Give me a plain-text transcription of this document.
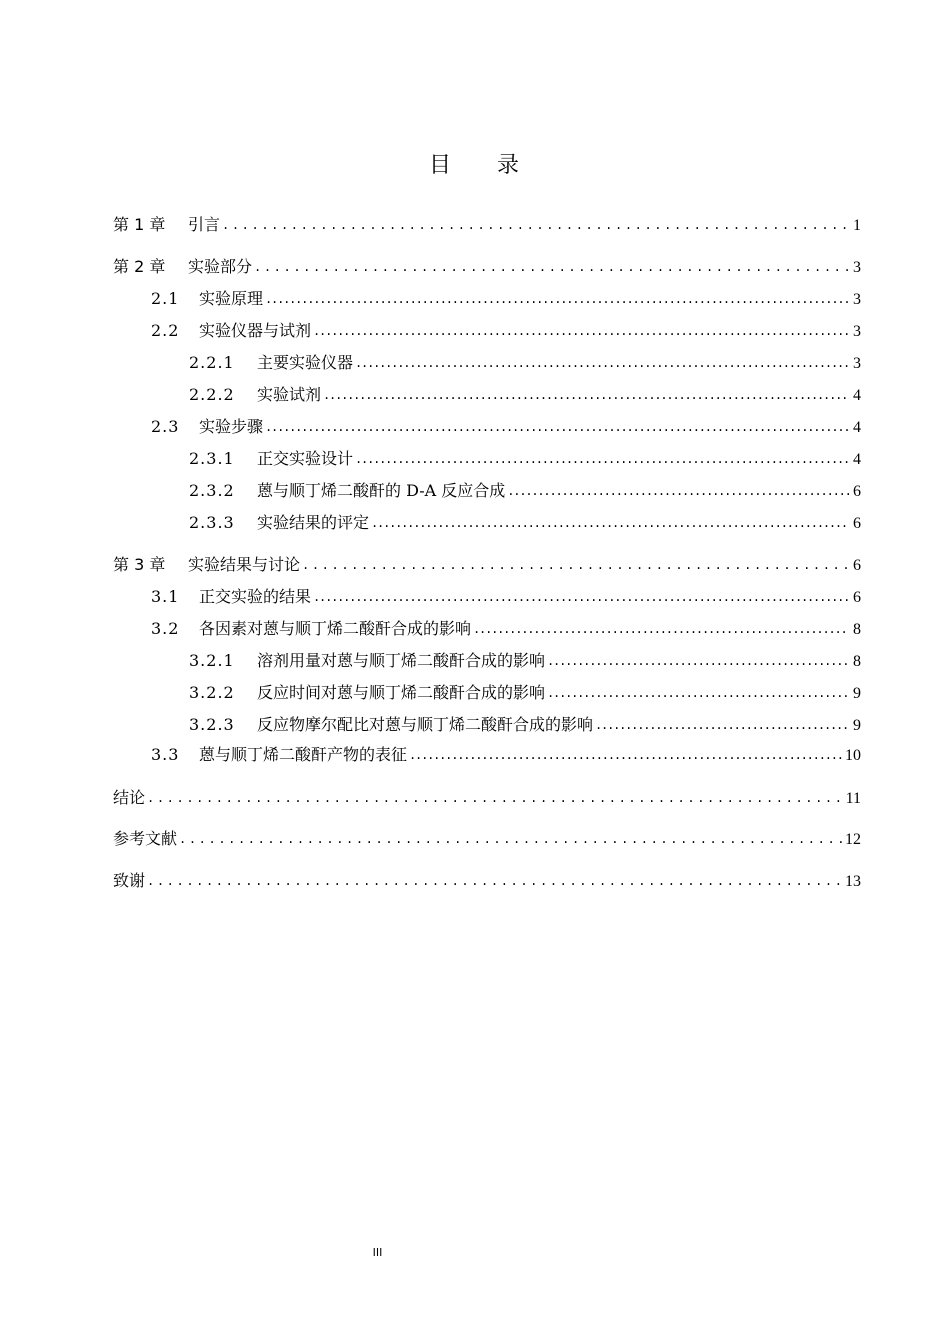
目 录
第 1 章	引言 .....	1
第 2 章	实验部分 .....	3
2.1	实验原理 .....	3
2.2	实验仪器与试剂 .....	3
2.2.1	主要实验仪器 .....	3
2.2.2	实验试剂 .....	4
2.3	实验步骤 .....	4
2.3.1	正交实验设计 .....	4
2.3.2	蒽与顺丁烯二酸酐的 D-A 反应合成 .....	6
2.3.3	实验结果的评定 .....	6
第 3 章	实验结果与讨论 .....	6
3.1	正交实验的结果 .....	6
3.2	各因素对蒽与顺丁烯二酸酐合成的影响 .....	8
3.2.1	溶剂用量对蒽与顺丁烯二酸酐合成的影响 .....	8
3.2.2	反应时间对蒽与顺丁烯二酸酐合成的影响 .....	9
3.2.3	反应物摩尔配比对蒽与顺丁烯二酸酐合成的影响 .....	9
3.3	蒽与顺丁烯二酸酐产物的表征 .....	10
结论 .....	11
参考文献 .....	12
致谢 .....	13
III
